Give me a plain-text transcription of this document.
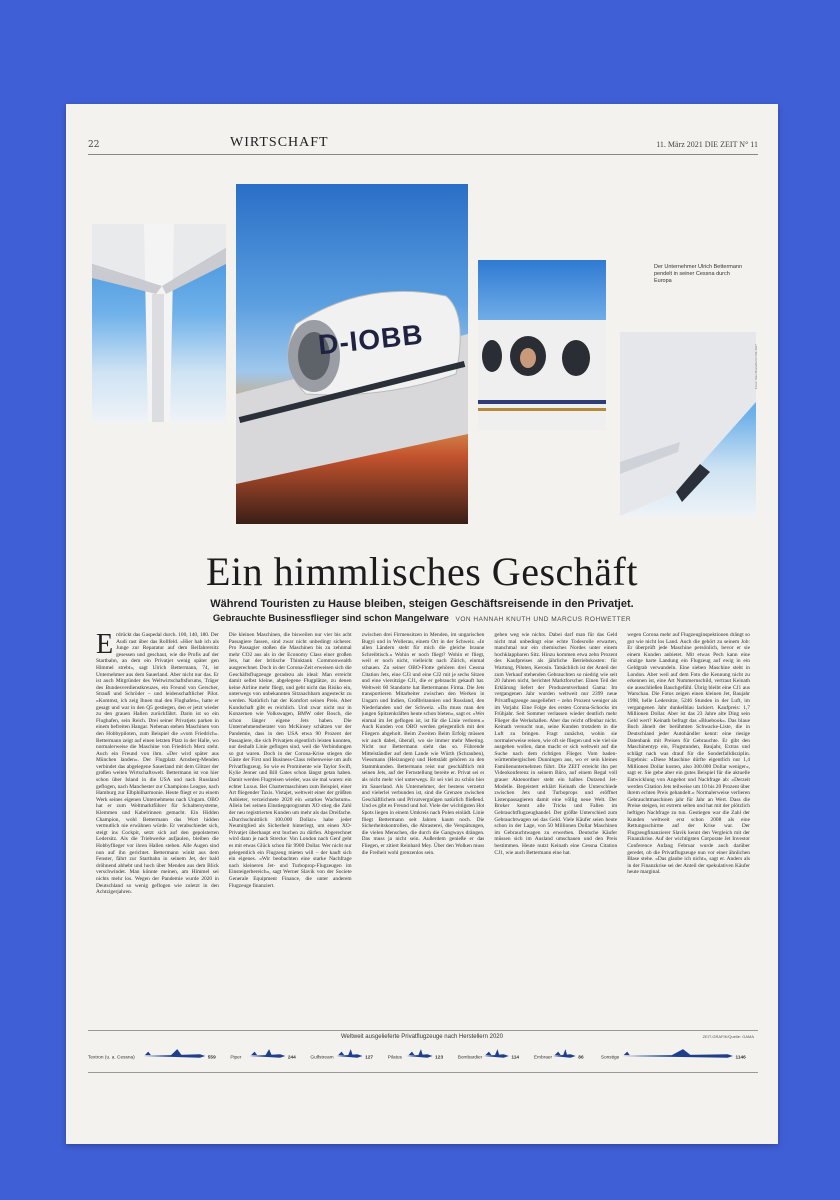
22	WIRTSCHAFT	11. März 2021 DIE ZEIT N° 11
D-IOBB
Der Unternehmer Ulrich Bettermann pendelt in seiner Cessna durch Europa
Fotos: Kiko Massella für DIE ZEIT
Ein himmlisches Geschäft
Während Touristen zu Hause bleiben, steigen Geschäftsreisende in den Privatjet.
Gebrauchte Businessflieger sind schon Mangelware VON HANNAH KNUTH UND MARCUS ROHWETTER
E rdrückt das Gaspedal durch. 100, 140, 180. Der Audi rast über das Rollfeld. »Hier hab ich als Junge zur Reparatur auf dem Beifahrersitz gesessen und geschaut, wie die Profis auf der Startbahn, an dem ein Privatjet wenig später gen Himmel strebt«, sagt Ulrich Bettermann, 74, ist Unternehmer aus dem Sauerland. Aber nicht nur das. Er ist auch Mitgründer des Weltwirtschaftsforums, Träger des Bundesverdienstkreuzes, ein Freund von Gerscher, Strauß und Schröder – und leidenschaftlicher Pilot. »Kommst, ich zeig Ihnen mal den Flughafen«, hatte er gesagt und war in den Q5 gestiegen, den er jetzt wieder zu den grauen Hallen zurückfährt. Darin ist so ein Flughafen, sein Reich. Drei seiner Privatjets parken in einem befreiten Hangar. Nebenan stehen Maschinen von den Hobbypiloten, zum Beispiel die »vom Friedrich«. Bettermann zeigt auf einen letzten Platz in der Halle, wo normalerweise die Maschine von Friedrich Merz steht. Auch ein Freund von ihm. »Der wird später aus München landen«. Der Flugplatz Arnsberg-Menden verbindet das abgelegene Sauerland mit dem Glitzer der großen weiten Wirtschaftswelt. Bettermann ist von hier schon über Island in die USA und nach Russland geflogen, nach Manchester zur Champions League, nach Hamburg zur Elbphilharmonie. Heute fliegt er zu einem Werk seines eigenen Unternehmens nach Ungarn. OBO hat er zum Weltmarktführer für Schaltersysteme, Klemmen und Kabelrinnen gemacht. Ein Hidden Champion, wohl Bettermann das Wort hidden vermutlich nie erwähnen würde. Er verabschiedet sich, steigt ins Cockpit, setzt sich auf den gepolsterten Ledersitz. Als die Triebwerke aufjaulen, bleiben die Hobbyflieger vor ihren Hallen stehen. Alle Augen sind nun auf ihn gerichtet. Bettermann winkt aus dem Fenster, fährt zur Startbahn in seinem Jet, der bald dröhnend abhebt und hoch über Menden aus dem Blick verschwindet. Man könnte meinen, am Himmel sei nichts mehr los. Wegen der Pandemie wurde 2020 in Deutschland so wenig geflogen wie zuletzt in den Achtzigerjahren.
Die kleinen Maschinen, die bisweilen nur vier bis acht Passagiere fassen, sind zwar nicht unbedingt sicherer. Pro Passagier stoßen die Maschinen bis zu zehnmal mehr CO2 aus als in der Economy Class einer großen Jets, hat der britische Thinktank Commonwealth ausgerechnet. Doch in der Corona-Zeit erweisen sich die Geschäftsflugzeuge geradezu als ideal: Man erreicht damit selbst kleine, abgelegene Flugplätze, zu denen keine Airline mehr fliegt, und geht nicht das Risiko ein, unterwegs von unbekannten Sitznachbarn angesteckt zu werden. Natürlich hat der Komfort seinen Preis. Aber Kundschaft gibt es reichlich. Und zwar nicht nur in Konzernen wie Volkswagen, BMW oder Bosch, die schon länger eigene Jets haben. Die Unternehmensberater von McKinsey schätzen vor der Pandemie, dass in den USA etwa 90 Prozent der Passagiere, die sich Privatjets eigentlich leisten konnten, nur deshalb Linie geflogen sind, weil die Verbindungen so gut waren. Doch in der Corona-Krise stiegen die Gäste der First und Business-Class reihenweise um aufs Privatflugzeug. So wie es Prominente wie Taylor Swift, Kylie Jenner und Bill Gates schon längst getan haben. Damit werden Flugreisen wieder, was sie mal waren: ein echter Luxus. Bei Chartermaschinen zum Beispiel, einer Art fliegender Taxis. Vistajet, weltweit einer der größten Anbieter, verzeichnete 2020 ein »starkes Wachstum«. Allein bei seinen Einstiegsprogramm XO stieg die Zahl der neu registrierten Kunden um mehr als das Dreifache. »Durchschnittlich 100.000 Dollar« habe jeder Neumitglied als Sicherheit hinterlegt, um einen XO-Privatjet überhaupt erst buchen zu dürfen. Abgerechnet wird dann je nach Strecke: Von London nach Genf geht es mit etwas Glück schon für 9900 Dollar. Wer nicht nur gelegentlich ein Flugzeug mieten will – der kauft sich ein eigenes. »Wir beobachten eine starke Nachfrage nach kleineren Jet- und Turboprop-Flugzeugen im Einsteigerbereich«, sagt Werner Slavik von der Societe Generale Equipment Finance, die unter anderem Flugzeuge finanziert.
zwischen drei Firmensitzen in Menden, im ungarischen Bugyi und in Wollerau, einem Ort in der Schweiz. »In allen Ländern steht für mich die gleiche braune Schreibtisch.« Wohin er noch fliegt? Wohin er fliegt, weil er noch nicht, vielleicht nach Zürich, einmal schauen. Zu seiner OBO-Flotte gehören drei Cessna Citation Jets, eine CJ3 und eine CJ2 mit je sechs Sitzen und eine viersitzige CJ1, die er gebraucht gekauft hat. Weltweit 60 Standorte hat Bettermanns Firma. Die Jets transportieren Mitarbeiter zwischen den Werken in Ungarn und Indien, Großbritannien und Russland, den Niederlanden und der Schweiz. »Da muss man den jungen Spitzenkräften heute schon bieten«, sagt er. »Wer einmal im Jet geflogen ist, ist für die Linie verloren.« Auch Kunden von OBO werden gelegentlich mit den Fliegern abgeholt. Beim Zweiten Beim Erfolg müssen wir auch dabei, überall, wo sie immer mehr Meeting. Nicht nur Bettermann sieht das so. Führende Mittelständler auf dem Lande wie Würth (Schrauben), Viessmann (Heizungen) und Hettstädt gehören zu den Stammkunden. Bettermann reist nur geschäftlich mit seinen Jets, auf der Fernstellung bereite er. Privat sei er als nicht mehr viel unterwegs. Er sei viel zu schön hier im Sauerland. Als Unternehmer, der bestens vernetzt und vielerlei verbunden ist, sind die Grenzen zwischen Geschäftlichem und Privatvergnügen natürlich fließend. Und es gibt es Freund und hol. Viele der wichtigsten Hot Spots liegen in einem Umkreis nach Polen einlädt. Linie fliegt Bettermann seit Jahren kaum noch. Die Sicherheitskontrollen, die Abrasterei, die Verspätungen, die vielen Menschen, die durch die Gangways drängen. Das muss ja nicht sein. Außerdem genieße er das Fliegen, er zitiert Reinhard Mey. Über den Wolken muss die Freiheit wohl grenzenlos sein.
gehen weg wie nichts. Dabei darf man für das Geld nicht mal unbedingt eine echte Todesrolle erwarten, manchmal nur ein chemisches Nordes unter einem hochklappbaren Sitz. Hinzu kommen etwa zehn Prozent des Kaufpreises als jährliche Betriebskosten: für Wartung, Piloten, Kerosin. Tatsächlich ist der Anteil der zum Verkauf stehenden Gebrauchten so niedrig wie seit 20 Jahren nicht, berichtet Marktforscher. Einen Teil der Erklärung liefert der Produzentverband Gama: Im vergangenen Jahr wurden weltweit nur 2399 neue Privatflugzeuge ausgeliefert – zehn Prozent weniger als im Vorjahr. Eine Folge des ersten Corona-Schocks im Frühjahr. Seit Sommer verlassen wieder deutlich mehr Flieger die Werkshallen. Aber das reicht offenbar nicht. Keinath versucht nun, seine Kunden trotzdem in die Luft zu bringen. Fragt zunächst, wohin sie normalerweise reisen, wie oft sie fliegen und wie viel sie ausgeben wollen, dann macht er sich weltweit auf die Suche nach dem richtigen Flieger. Vom baden-württembergischen Dunningen aus, wo er sein kleines Familienunternehmen führt. Die ZEIT erreicht ihn per Videokonferenz in seinem Büro, auf einem Regal voll grauer Aktenordner steht ein halbes Dutzend Jet-Modelle. Begeistert erklärt Keinath die Unterschiede zwischen Jets und Turboprops und eröffnet Listenpassagieren damit eine völlig neue Welt. Der Broker kennt alle Tricks und Fallen im Gebrauchtflugzeughandel. Der größte Unterschied zum Gebrauchtwagen sei das Geld. Viele Käufer seien heute schon in der Lage, von 50 Millionen Dollar Maschinen im Gebrauchtwagen zu erwerben. Deutsche Käufer müssen sich im Ausland umschauen und den Preis bestimmen. Heute nutzt Keinath eine Cessna Citation CJ1, wie auch Bettermann eine hat.
wegen Corona mehr auf Flugzeuginspektionen drängt so gut wie nicht los Land. Auch die gehört zu seinem Job: Er überprüft jede Maschine persönlich, bevor er sie einem Kunden anbietet. Mit etwas Pech kann eine einzige harte Landung ein Flugzeug auf ewig in ein Geldgrab verwandeln. Eine sieben Maschine steht in London. Aber weil auf dem Foto die Kennung nicht zu erkennen ist, eine Art Nummernschild, vertraut Keinath sie ausschließen Bauchgefühl. Übrig bleibt eine CJ1 aus Warschau. Die Fotos zeigen einen kleinen Jet, Baujahr 1998, helle Ledersitze, 5246 Stunden in der Luft, im vergangenen Jahr dunkelblau lackiert. Kaufpreis: 1,7 Millionen Dollar. Aber ist das 23 Jahre alte Ding sein Geld wert? Keinath befragt das »Bluebook«. Das blaue Buch ähnelt der berühmten Schwacke-Liste, die in Deutschland jeder Autohändler kennt: eine riesige Datenbank mit Preisen für Gebrauchte. Er gibt den Maschinentyp ein, Flugstunden, Baujahr, Extras und schlägt nach was drauf für die Sonderfalldisziplin. Ergebnis: »Diese Maschine dürfte eigentlich nur 1,4 Millionen Dollar kosten, also 300.000 Dollar weniger«, sagt er. Sie gebe aber ein gutes Beispiel für die aktuelle Entwicklung von Angebot und Nachfrage ab: »Derzeit werden Citation Jets teilweise um 10 bis 20 Prozent über ihrem echten Preis gehandelt.« Normalerweise verlieren Gebrauchtmaschinen jahr für Jahr an Wert. Dass die Preise steigen, ist extrem selten und hat mit der plötzlich heftigen Nachfrage zu tun. Gestiegen war die Zahl der Kunden weltweit erst schon 2008 als eine Rettungsschirme auf der Krise war. Der Flugzeugfinanzierer Slavik kennt den Vergleich mit der Finanzkrise. Auf der wichtigsten Corporate Jet Investor Conference Anfang Februar wurde auch darüber geredet, ob die Privatflugzeuge nun vor einer ähnlichen Blase stehe. »Das glaube ich nicht«, sagt er. Anders als in der Finanzkrise sei der Anteil der spekulativen Käufer heute marginal.
Weltweit ausgelieferte Privatflugzeuge nach Herstellern 2020	ZEIT-GRAFIK/Quelle: GAMA
Textron (u. a. Cessna)	559	Piper	244	Gulfstream	127	Pilatus	123	Bombardier	114	Embraer	86	Sonstige	1146
